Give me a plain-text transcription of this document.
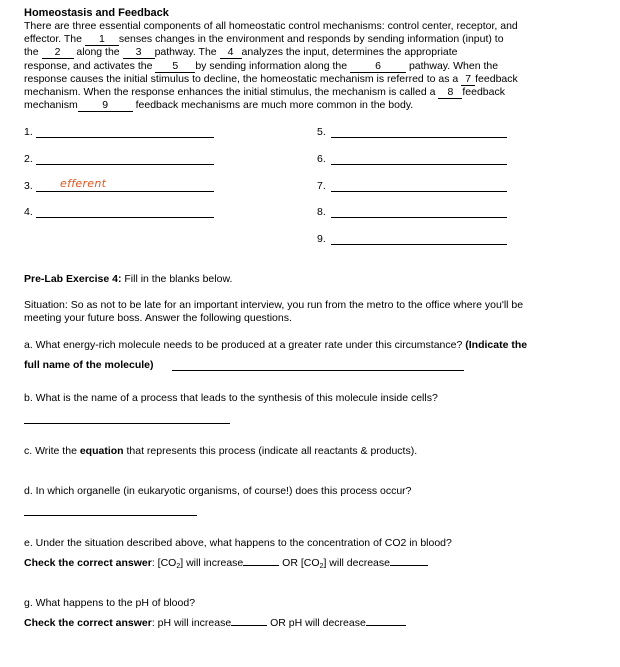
Homeostasis and Feedback
There are three essential components of all homeostatic control mechanisms: control center, receptor, and
effector. The 1 senses changes in the environment and responds by sending information (input) to
the 2 along the 3 pathway. The 4 analyzes the input, determines the appropriate
response, and activates the 5 by sending information along the 6 pathway. When the
response causes the initial stimulus to decline, the homeostatic mechanism is referred to as a 7 feedback
mechanism. When the response enhances the initial stimulus, the mechanism is called a 8 feedback
mechanism 9 feedback mechanisms are much more common in the body.
1.
2.
3. efferent
4.
5.
6.
7.
8.
9.
Pre-Lab Exercise 4: Fill in the blanks below.
Situation: So as not to be late for an important interview, you run from the metro to the office where you'll be
meeting your future boss. Answer the following questions.
a. What energy-rich molecule needs to be produced at a greater rate under this circumstance? (Indicate the
full name of the molecule)
b. What is the name of a process that leads to the synthesis of this molecule inside cells?
c. Write the equation that represents this process (indicate all reactants & products).
d. In which organelle (in eukaryotic organisms, of course!) does this process occur?
e. Under the situation described above, what happens to the concentration of CO2 in blood?
Check the correct answer: $[CO_2]$ will increase	OR $[CO_2]$ will decrease
g. What happens to the pH of blood?
Check the correct answer: pH will increase	OR pH will decrease
